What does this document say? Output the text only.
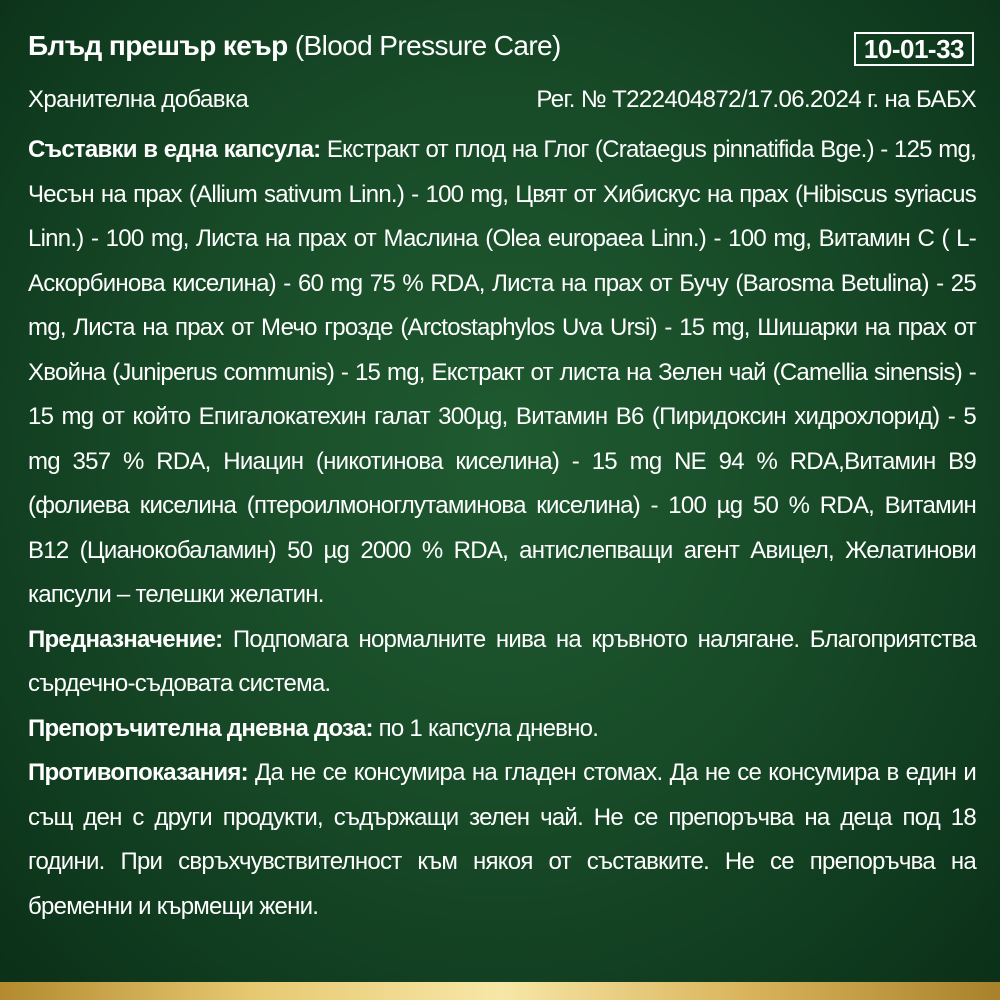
Блъд прешър кеър (Blood Pressure Care)	10-01-33
Хранителна добавка	Рег. № T222404872/17.06.2024 г. на БАБХ

Съставки в една капсула: Екстракт от плод на Глог (Crataegus pinnatifida Bge.) - 125 mg, Чесън на прах (Allium sativum Linn.) - 100 mg, Цвят от Хибискус на прах (Hibiscus syriacus Linn.) - 100 mg, Листа на прах от Маслина (Olea europaea Linn.) - 100 mg, Витамин С ( L- Аскорбинова киселина) - 60 mg 75 % RDA, Листа на прах от Бучу (Barosma Betulina) - 25 mg, Листа на прах от Мечо грозде (Arctostaphylos Uva Ursi) - 15 mg, Шишарки на прах от Хвойна (Juniperus communis) - 15 mg, Екстракт от листа на Зелен чай (Camellia sinensis) - 15 mg от който Епигалокатехин галат 300µg, Витамин B6 (Пиридоксин хидрохлорид) - 5 mg 357 % RDA, Ниацин (никотинова киселина) - 15 mg NE 94 % RDA,Витамин B9 (фолиева киселина (птероилмоноглутаминова киселина) - 100 µg 50 % RDA, Витамин B12 (Цианокобаламин) 50 µg 2000 % RDA, антислепващи агент Авицел, Желатинови капсули – телешки желатин.

Предназначение: Подпомага нормалните нива на кръвното налягане. Благоприятства сърдечно-съдовата система.

Препоръчителна дневна доза: по 1 капсула дневно.

Противопоказания: Да не се консумира на гладен стомах. Да не се консумира в един и същ ден с други продукти, съдържащи зелен чай. Не се препоръчва на деца под 18 години. При свръхчувствителност към някоя от съставките. Не се препоръчва на бременни и кърмещи жени.
